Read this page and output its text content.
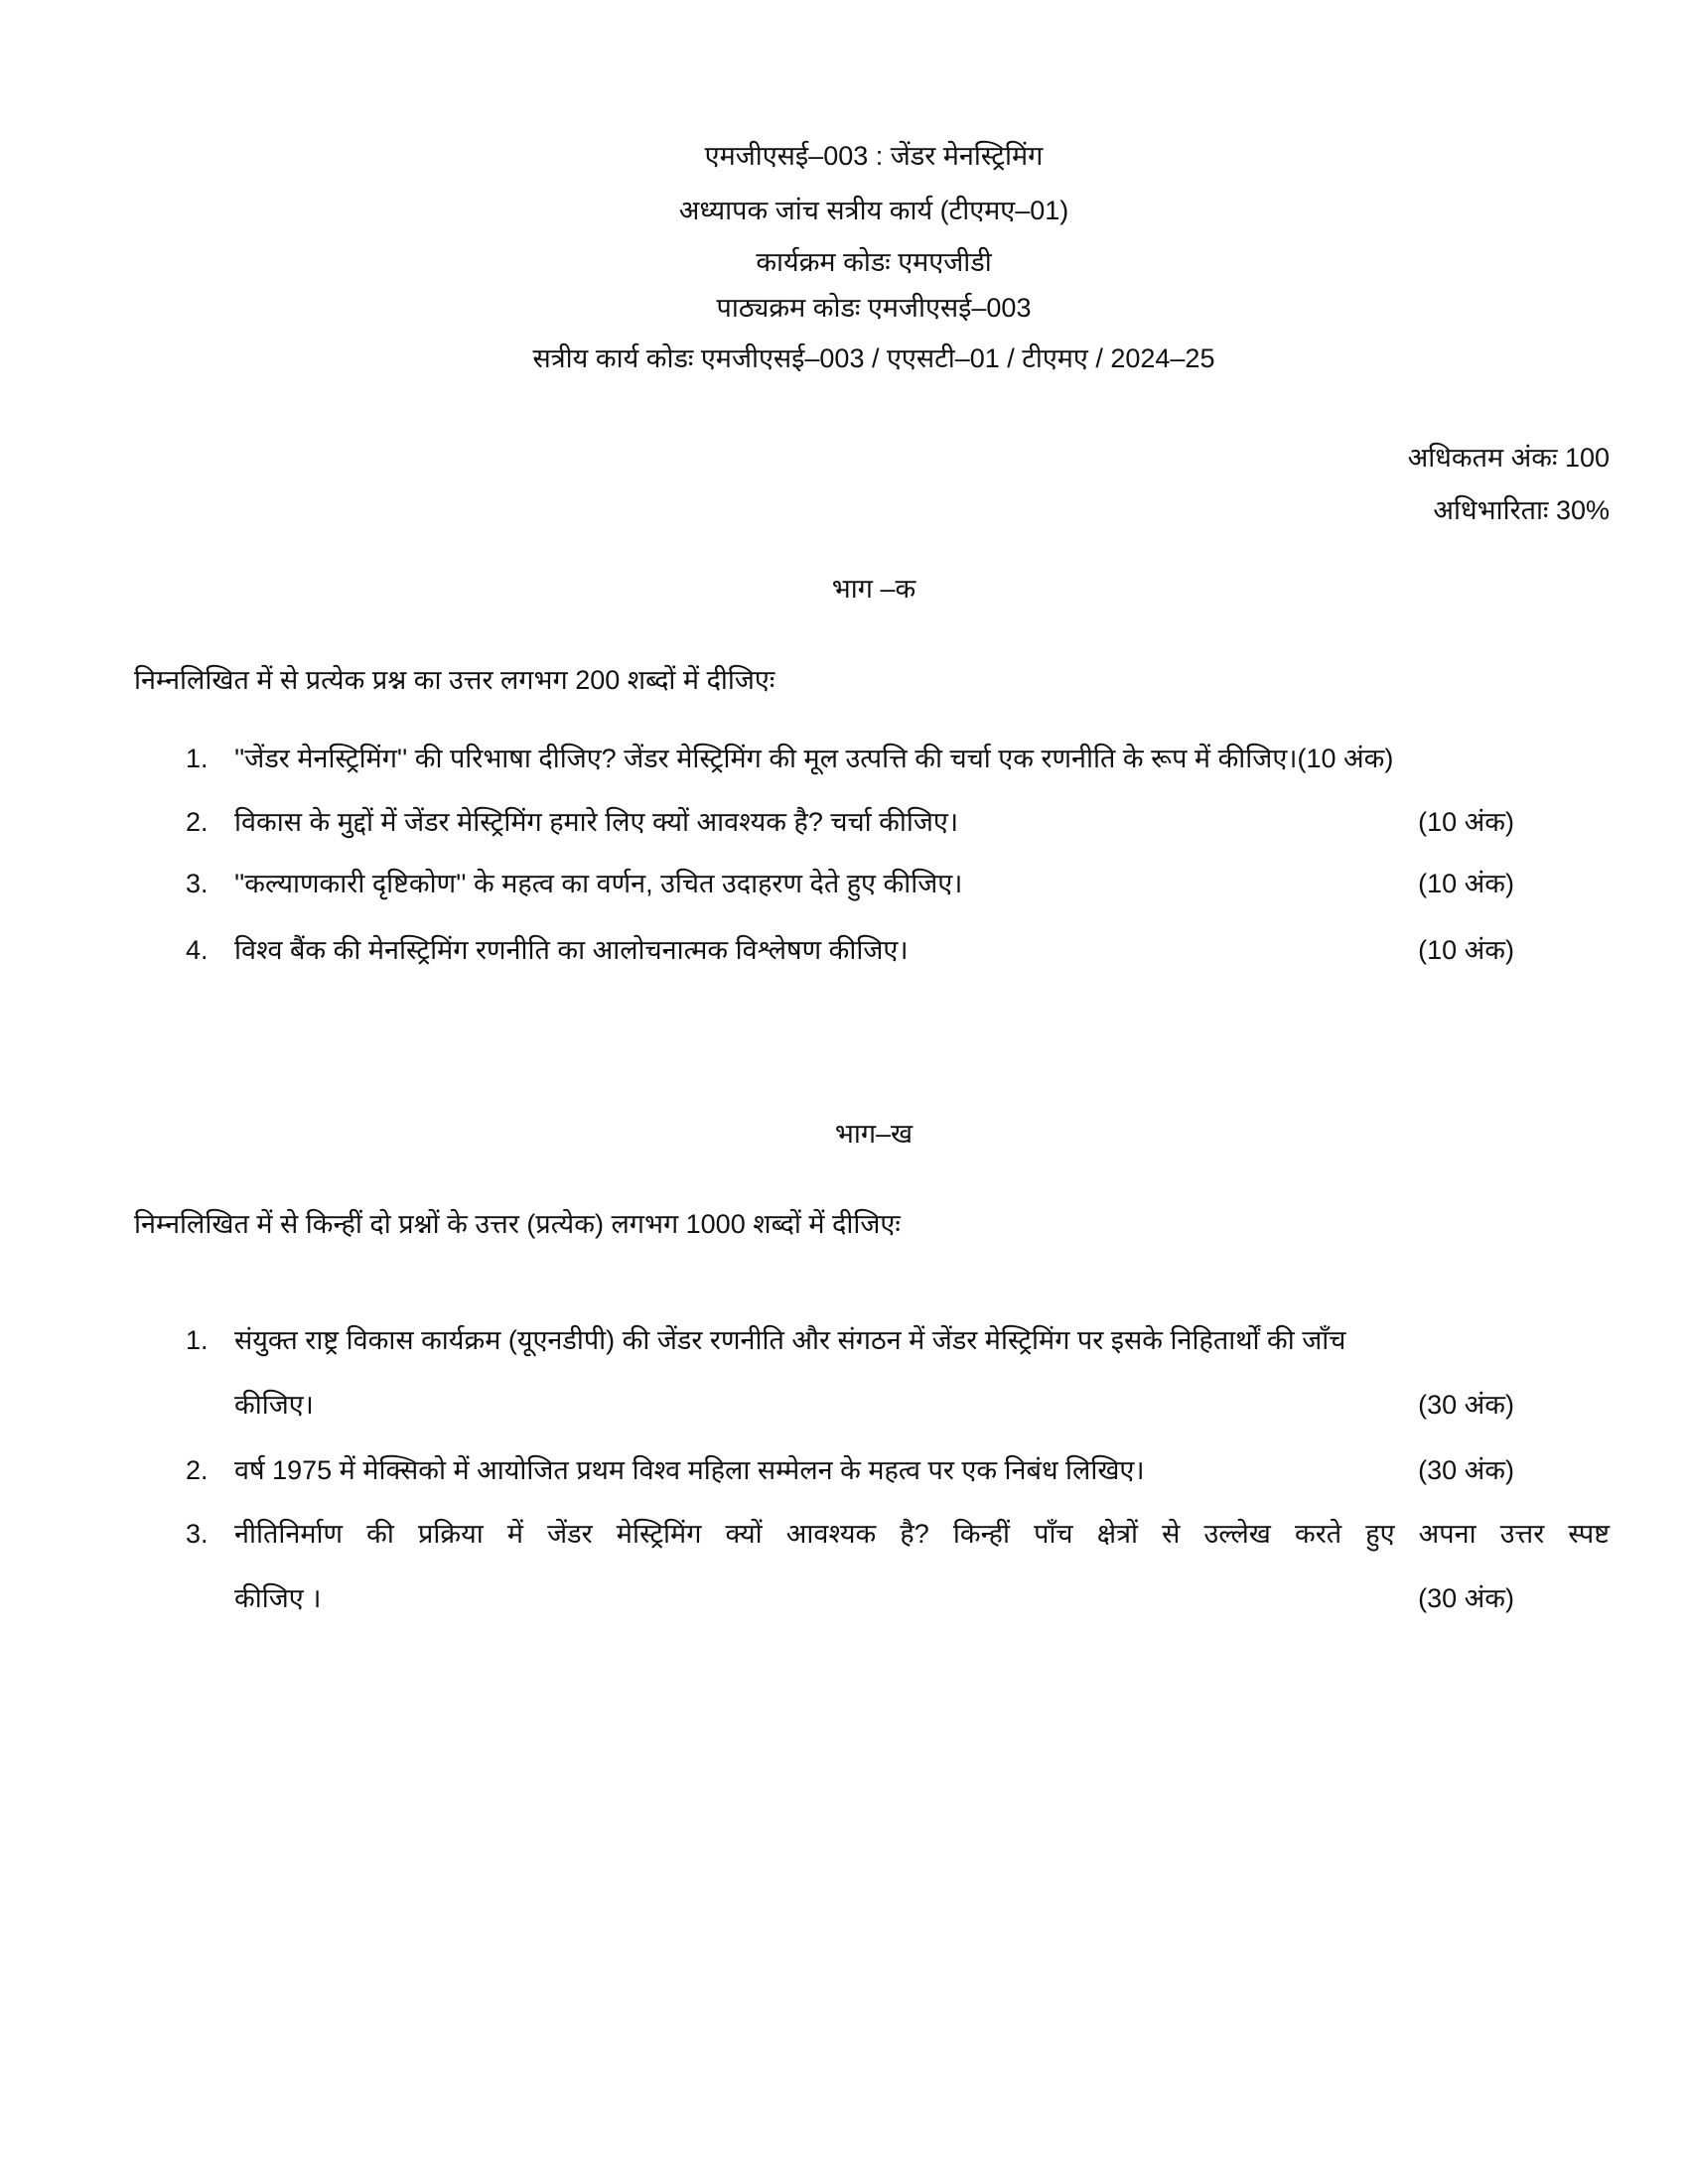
एमजीएसई–003 : जेंडर मेनस्ट्रिमिंग
अध्यापक जांच सत्रीय कार्य (टीएमए–01)
कार्यक्रम कोडः एमएजीडी
पाठ्यक्रम कोडः एमजीएसई–003
सत्रीय कार्य कोडः एमजीएसई–003 / एएसटी–01 / टीएमए / 2024–25
अधिकतम अंकः 100
अधिभारिताः 30%
भाग –क
निम्नलिखित में से प्रत्येक प्रश्न का उत्तर लगभग 200 शब्दों में दीजिएः
1. ''जेंडर मेनस्ट्रिमिंग'' की परिभाषा दीजिए? जेंडर मेस्ट्रिमिंग की मूल उत्पत्ति की चर्चा एक रणनीति के रूप में कीजिए।(10 अंक)
2. विकास के मुद्दों में जेंडर मेस्ट्रिमिंग हमारे लिए क्यों आवश्यक है? चर्चा कीजिए।	(10 अंक)
3. ''कल्याणकारी दृष्टिकोण'' के महत्व का वर्णन, उचित उदाहरण देते हुए कीजिए।	(10 अंक)
4. विश्व बैंक की मेनस्ट्रिमिंग रणनीति का आलोचनात्मक विश्लेषण कीजिए।	(10 अंक)
भाग–ख
निम्नलिखित में से किन्हीं दो प्रश्नों के उत्तर (प्रत्येक) लगभग 1000 शब्दों में दीजिएः
1. संयुक्त राष्ट्र विकास कार्यक्रम (यूएनडीपी) की जेंडर रणनीति और संगठन में जेंडर मेस्ट्रिमिंग पर इसके निहितार्थों की जाँच
कीजिए।	(30 अंक)
2. वर्ष 1975 में मेक्सिको में आयोजित प्रथम विश्व महिला सम्मेलन के महत्व पर एक निबंध लिखिए।	(30 अंक)
3. नीतिनिर्माण की प्रक्रिया में जेंडर मेस्ट्रिमिंग क्यों आवश्यक है? किन्हीं पाँच क्षेत्रों से उल्लेख करते हुए अपना उत्तर स्पष्ट
कीजिए ।	(30 अंक)
